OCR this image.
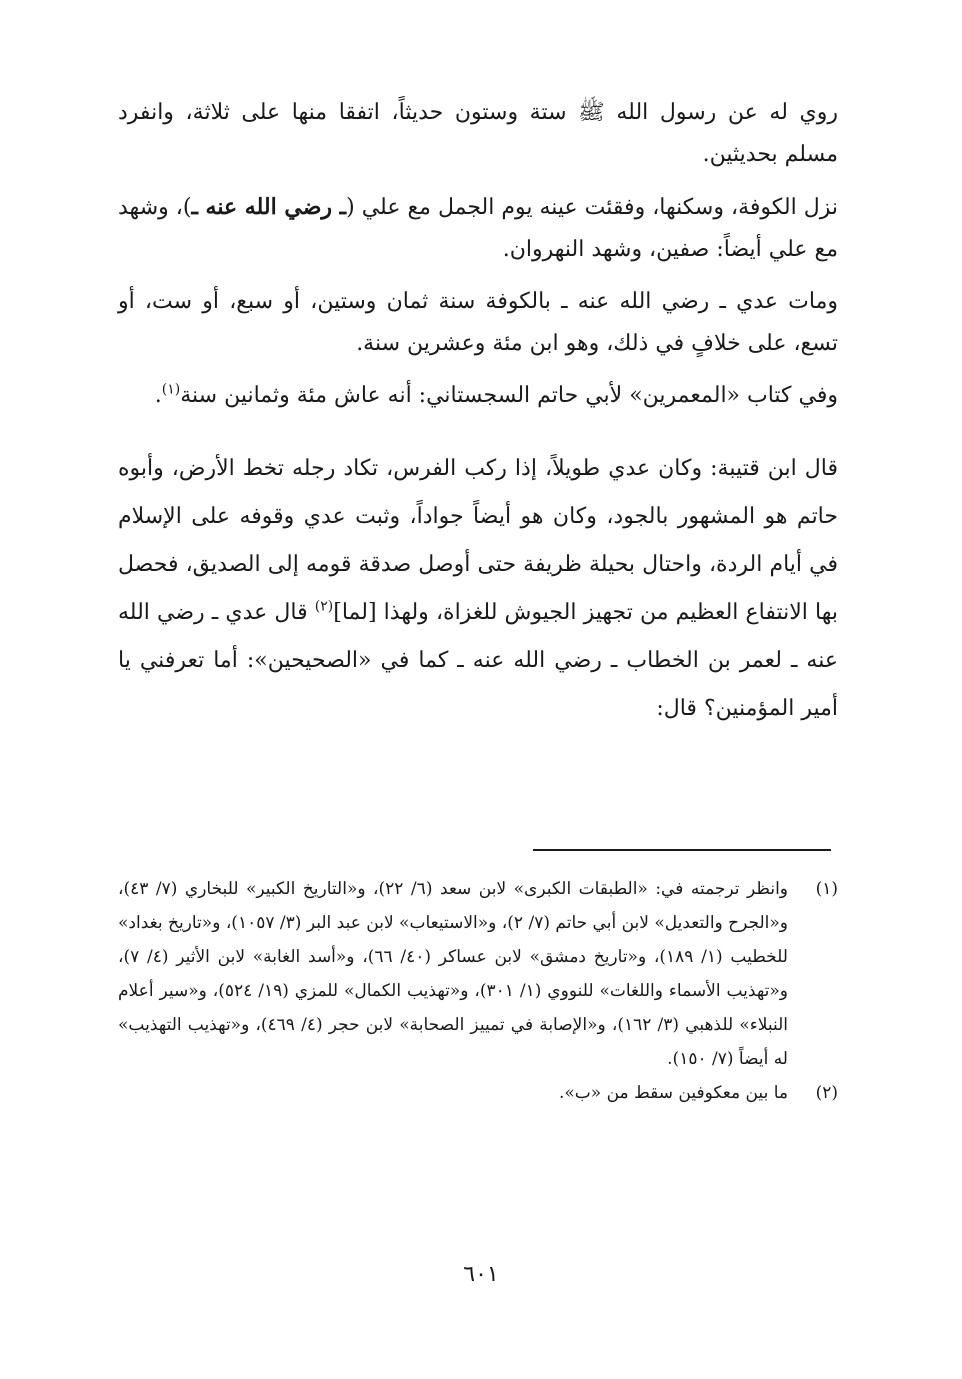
روي له عن رسول الله ﷺ ستة وستون حديثاً، اتفقا منها على ثلاثة، وانفرد مسلم بحديثين.

نزل الكوفة، وسكنها، وفقئت عينه يوم الجمل مع علي (ـ رضي الله عنه ـ)، وشهد مع علي أيضاً: صفين، وشهد النهروان.

ومات عدي ـ رضي الله عنه ـ بالكوفة سنة ثمان وستين، أو سبع، أو ست، أو تسع، على خلافٍ في ذلك، وهو ابن مئة وعشرين سنة.

وفي كتاب «المعمرين» لأبي حاتم السجستاني: أنه عاش مئة وثمانين سنة$^{(١)}$.

قال ابن قتيبة: وكان عدي طويلاً، إذا ركب الفرس، تكاد رجله تخط الأرض، وأبوه حاتم هو المشهور بالجود، وكان هو أيضاً جواداً، وثبت عدي وقوفه على الإسلام في أيام الردة، واحتال بحيلة ظريفة حتى أوصل صدقة قومه إلى الصديق، فحصل بها الانتفاع العظيم من تجهيز الجيوش للغزاة، ولهذا [لما]$^{(٢)}$ قال عدي ـ رضي الله عنه ـ لعمر بن الخطاب ـ رضي الله عنه ـ كما في «الصحيحين»: أما تعرفني يا أمير المؤمنين؟ قال:

(١)
وانظر ترجمته في: «الطبقات الكبرى» لابن سعد (٦/ ٢٢)، و«التاريخ الكبير» للبخاري (٧/ ٤٣)، و«الجرح والتعديل» لابن أبي حاتم (٧/ ٢)، و«الاستيعاب» لابن عبد البر (٣/ ١٠٥٧)، و«تاريخ بغداد» للخطيب (١/ ١٨٩)، و«تاريخ دمشق» لابن عساكر (٤٠/ ٦٦)، و«أسد الغابة» لابن الأثير (٤/ ٧)، و«تهذيب الأسماء واللغات» للنووي (١/ ٣٠١)، و«تهذيب الكمال» للمزي (١٩/ ٥٢٤)، و«سير أعلام النبلاء» للذهبي (٣/ ١٦٢)، و«الإصابة في تمييز الصحابة» لابن حجر (٤/ ٤٦٩)، و«تهذيب التهذيب» له أيضاً (٧/ ١٥٠).
(٢)
ما بين معكوفين سقط من «ب».
٦٠١
